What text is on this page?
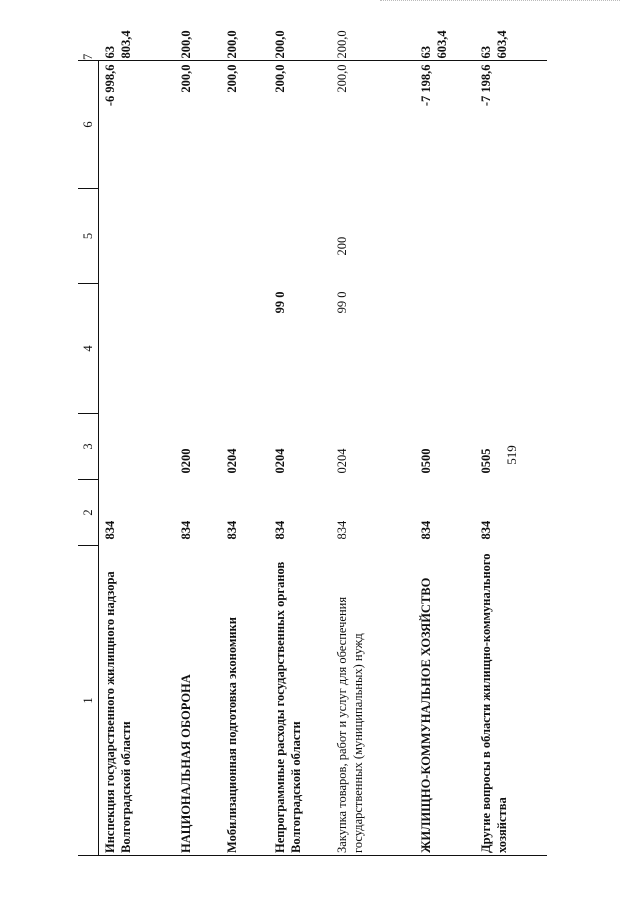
519
1	2	3	4	5	6	7
Инспекция государственного жилищного надзора Волгоградской области	834				-6 998,6	63 803,4
НАЦИОНАЛЬНАЯ ОБОРОНА	834	0200			200,0	200,0
Мобилизационная подготовка экономики	834	0204			200,0	200,0
Непрограммные расходы государственных органов Волгоградской области	834	0204	99 0		200,0	200,0
Закупка товаров, работ и услуг для обеспечения государственных (муниципальных) нужд	834	0204	99 0	200	200,0	200,0
ЖИЛИЩНО-КОММУНАЛЬНОЕ ХОЗЯЙСТВО	834	0500			-7 198,6	63 603,4
Другие вопросы в области жилищно-коммунального хозяйства	834	0505			-7 198,6	63 603,4
